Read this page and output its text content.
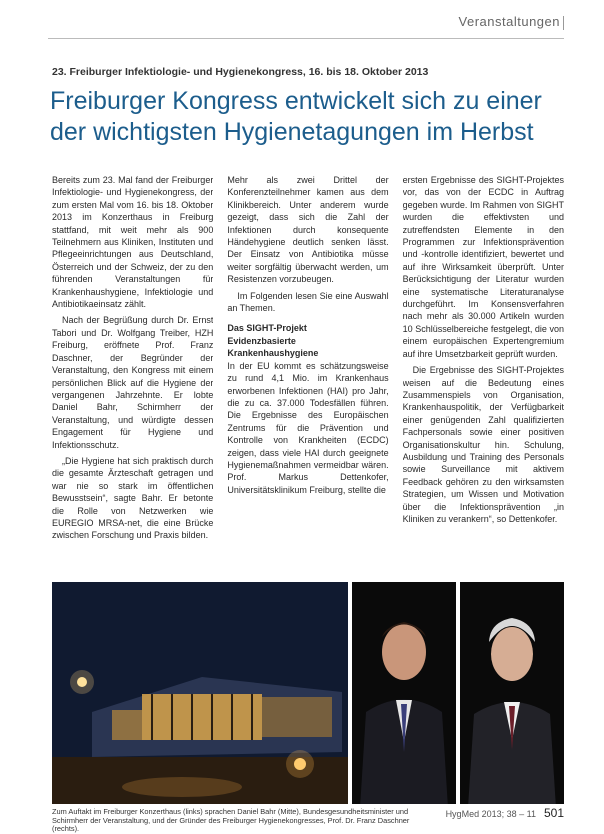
Veranstaltungen
23. Freiburger Infektiologie- und Hygienekongress, 16. bis 18. Oktober 2013
Freiburger Kongress entwickelt sich zu einer der wichtigsten Hygienetagungen im Herbst

Bereits zum 23. Mal fand der Freiburger Infektiologie- und Hygienekongress, der zum ersten Mal vom 16. bis 18. Oktober 2013 im Konzerthaus in Freiburg stattfand, mit weit mehr als 900 Teilnehmern aus Kliniken, Instituten und Pflegeeinrichtungen aus Deutschland, Österreich und der Schweiz, der zu den führenden Veranstaltungen für Krankenhaushygiene, Infektiologie und Antibiotikaeinsatz zählt.

Nach der Begrüßung durch Dr. Ernst Tabori und Dr. Wolfgang Treiber, HZH Freiburg, eröffnete Prof. Franz Daschner, der Begründer der Veranstaltung, den Kongress mit einem persönlichen Blick auf die Hygiene der vergangenen Jahrzehnte. Er lobte Daniel Bahr, Schirmherr der Veranstaltung, und würdigte dessen Engagement für Hygiene und Infektionsschutz.

„Die Hygiene hat sich praktisch durch die gesamte Ärzteschaft getragen und war nie so stark im öffentlichen Bewusstsein“, sagte Bahr. Er betonte die Rolle von Netzwerken wie EUREGIO MRSA-net, die eine Brücke zwischen Forschung und Praxis bilden.

Mehr als zwei Drittel der Konferenzteilnehmer kamen aus dem Klinikbereich. Unter anderem wurde gezeigt, dass sich die Zahl der Infektionen durch konsequente Händehygiene deutlich senken lässt. Der Einsatz von Antibiotika müsse weiter sorgfältig überwacht werden, um Resistenzen vorzubeugen.

Im Folgenden lesen Sie eine Auswahl an Themen.

Das SIGHT-Projekt

Evidenzbasierte Krankenhaushygiene

In der EU kommt es schätzungsweise zu rund 4,1 Mio. im Krankenhaus erworbenen Infektionen (HAI) pro Jahr, die zu ca. 37.000 Todesfällen führen. Die Ergebnisse des Europäischen Zentrums für die Prävention und Kontrolle von Krankheiten (ECDC) zeigen, dass viele HAI durch geeignete Hygienemaßnahmen vermeidbar wären. Prof. Markus Dettenkofer, Universitätsklinikum Freiburg, stellte die

ersten Ergebnisse des SIGHT-Projektes vor, das von der ECDC in Auftrag gegeben wurde. Im Rahmen von SIGHT wurden die effektivsten und zutreffendsten Elemente in den Programmen zur Infektionsprävention und -kontrolle identifiziert, bewertet und auf ihre Wirksamkeit überprüft. Unter Berücksichtigung der Literatur wurden eine systematische Literaturanalyse durchgeführt. Im Konsensverfahren nach mehr als 30.000 Artikeln wurden 10 Schlüsselbereiche festgelegt, die von einem europäischen Expertengremium auf ihre Umsetzbarkeit geprüft wurden.

Die Ergebnisse des SIGHT-Projektes weisen auf die Bedeutung eines Zusammenspiels von Organisation, Krankenhauspolitik, der Verfügbarkeit einer genügenden Zahl qualifizierten Fachpersonals sowie einer positiven Organisationskultur hin. Schulung, Ausbildung und Training des Personals sowie Surveillance mit aktivem Feedback gehören zu den wirksamsten Strategien, um Wissen und Motivation über die Infektionsprävention „in Kliniken zu verankern“, so Dettenkofer.

Zum Auftakt im Freiburger Konzerthaus (links) sprachen Daniel Bahr (Mitte), Bundesgesundheitsminister und Schirmherr der Veranstaltung, und der Gründer des Freiburger Hygienekongresses, Prof. Dr. Franz Daschner (rechts).
HygMed 2013; 38 – 11 501
